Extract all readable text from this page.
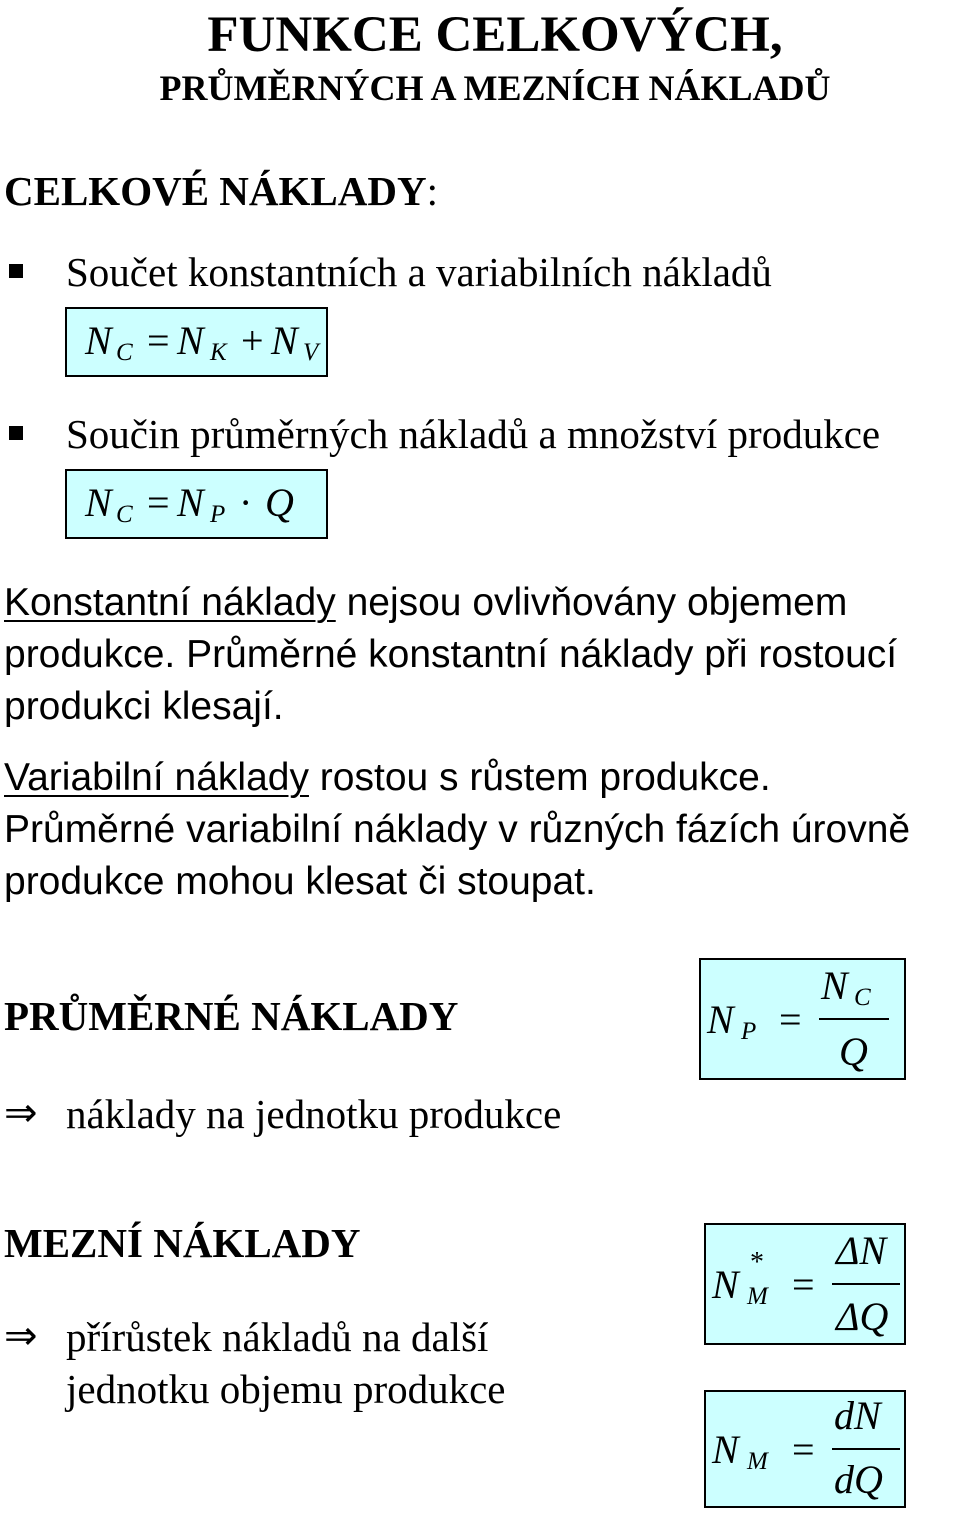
FUNKCE CELKOVÝCH,
PRŮMĚRNÝCH A MEZNÍCH NÁKLADŮ
CELKOVÉ NÁKLADY:
Součet konstantních a variabilních nákladů
N C = N K + N V
Součin průměrných nákladů a množství produkce
N C = N P · Q
Konstantní náklady nejsou ovlivňovány objemem
produkce. Průměrné konstantní náklady při rostoucí
produkci klesají.
Variabilní náklady rostou s růstem produkce.
Průměrné variabilní náklady v různých fázích úrovně
produkce mohou klesat či stoupat.
PRŮMĚRNÉ NÁKLADY
⇒ náklady na jednotku produkce
N P =
N C
Q
MEZNÍ NÁKLADY
⇒ přírůstek nákladů na další
jednotku objemu produkce
N *
M =
ΔN
ΔQ
N M =
dN
dQ
